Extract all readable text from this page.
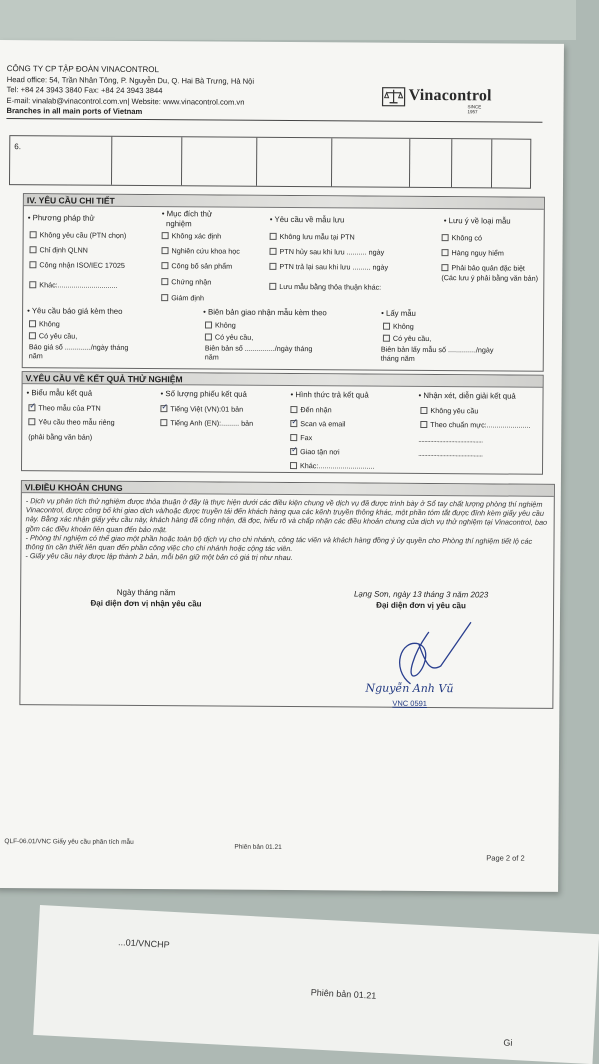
...01/VNCHP
Phiên bản 01.21
Gi
CÔNG TY CP TẬP ĐOÀN VINACONTROL
Head office: 54, Trần Nhân Tông, P. Nguyễn Du, Q. Hai Bà Trưng, Hà Nội
Tel: +84 24 3943 3840 Fax: +84 24 3943 3844
E-mail: vinalab@vinacontrol.com.vn| Website: www.vinacontrol.com.vn
Branches in all main ports of Vietnam
Vinacontrol
SINCE 1957
6.
IV. YÊU CẦU CHI TIẾT
• Phương pháp thử
Không yêu cầu (PTN chọn)
Chỉ định QLNN
Công nhận ISO/IEC 17025
Khác:..............................
• Mục đích thử
nghiệm
Không xác định
Nghiên cứu khoa học
Công bố sản phẩm
Chứng nhận
Giám định
• Yêu cầu về mẫu lưu
Không lưu mẫu tại PTN
PTN hủy sau khi lưu .......... ngày
PTN trả lại sau khi lưu ......... ngày
Lưu mẫu bằng thỏa thuận khác:
• Lưu ý về loại mẫu
Không có
Hàng nguy hiểm
Phải bảo quản đặc biệt
(Các lưu ý phải bằng văn bản)
• Yêu cầu báo giá kèm theo
Không
Có yêu cầu,
Báo giá số ............./ngày tháng
năm
• Biên bản giao nhận mẫu kèm theo
Không
Có yêu cầu,
Biên bản số .............../ngày tháng
năm
• Lấy mẫu
Không
Có yêu cầu,
Biên bản lấy mẫu số ............../ngày
tháng năm
V.YÊU CẦU VỀ KẾT QUẢ THỬ NGHIỆM
• Biểu mẫu kết quả
✓Theo mẫu của PTN
Yêu cầu theo mẫu riêng
(phải bằng văn bản)
• Số lượng phiếu kết quả
✓Tiếng Việt (VN):01 bản
Tiếng Anh (EN):......... bản
• Hình thức trả kết quả
Đến nhận
✓Scan và email
Fax
✓Giao tận nơi
Khác:............................
• Nhận xét, diễn giải kết quả
Không yêu cầu
Theo chuẩn mực:......................
...........................................
...........................................
VI.ĐIỀU KHOẢN CHUNG
- Dịch vụ phân tích thử nghiệm được thỏa thuận ở đây là thực hiện dưới các điều kiện chung về dịch vụ đã được trình bày ở Sổ tay chất lượng phòng thí nghiệm Vinacontrol, được công bố khi giao dịch và/hoặc được truyền tải đến khách hàng qua các kênh truyền thông khác, một phần tóm tắt được đính kèm giấy yêu cầu này. Bằng xác nhận giấy yêu cầu này, khách hàng đã công nhận, đã đọc, hiểu rõ và chấp nhận các điều khoản chung của dịch vụ thử nghiệm tại Vinacontrol, bao gồm các điều khoản liên quan đến bảo mật.
- Phòng thí nghiệm có thể giao một phần hoặc toàn bộ dịch vụ cho chi nhánh, công tác viên và khách hàng đồng ý ủy quyền cho Phòng thí nghiệm tiết lộ các thông tin cần thiết liên quan đến phần công việc cho chi nhánh hoặc cộng tác viên.
- Giấy yêu cầu này được lập thành 2 bản, mỗi bên giữ một bản có giá trị như nhau.
Ngày tháng năm
Đại diện đơn vị nhận yêu cầu
Lạng Sơn, ngày 13 tháng 3 năm 2023
Đại diện đơn vị yêu cầu
Nguyễn Anh Vũ
VNC 0591
QLF-06.01/VNC Giấy yêu cầu phân tích mẫu
Phiên bản 01.21
Page 2 of 2
